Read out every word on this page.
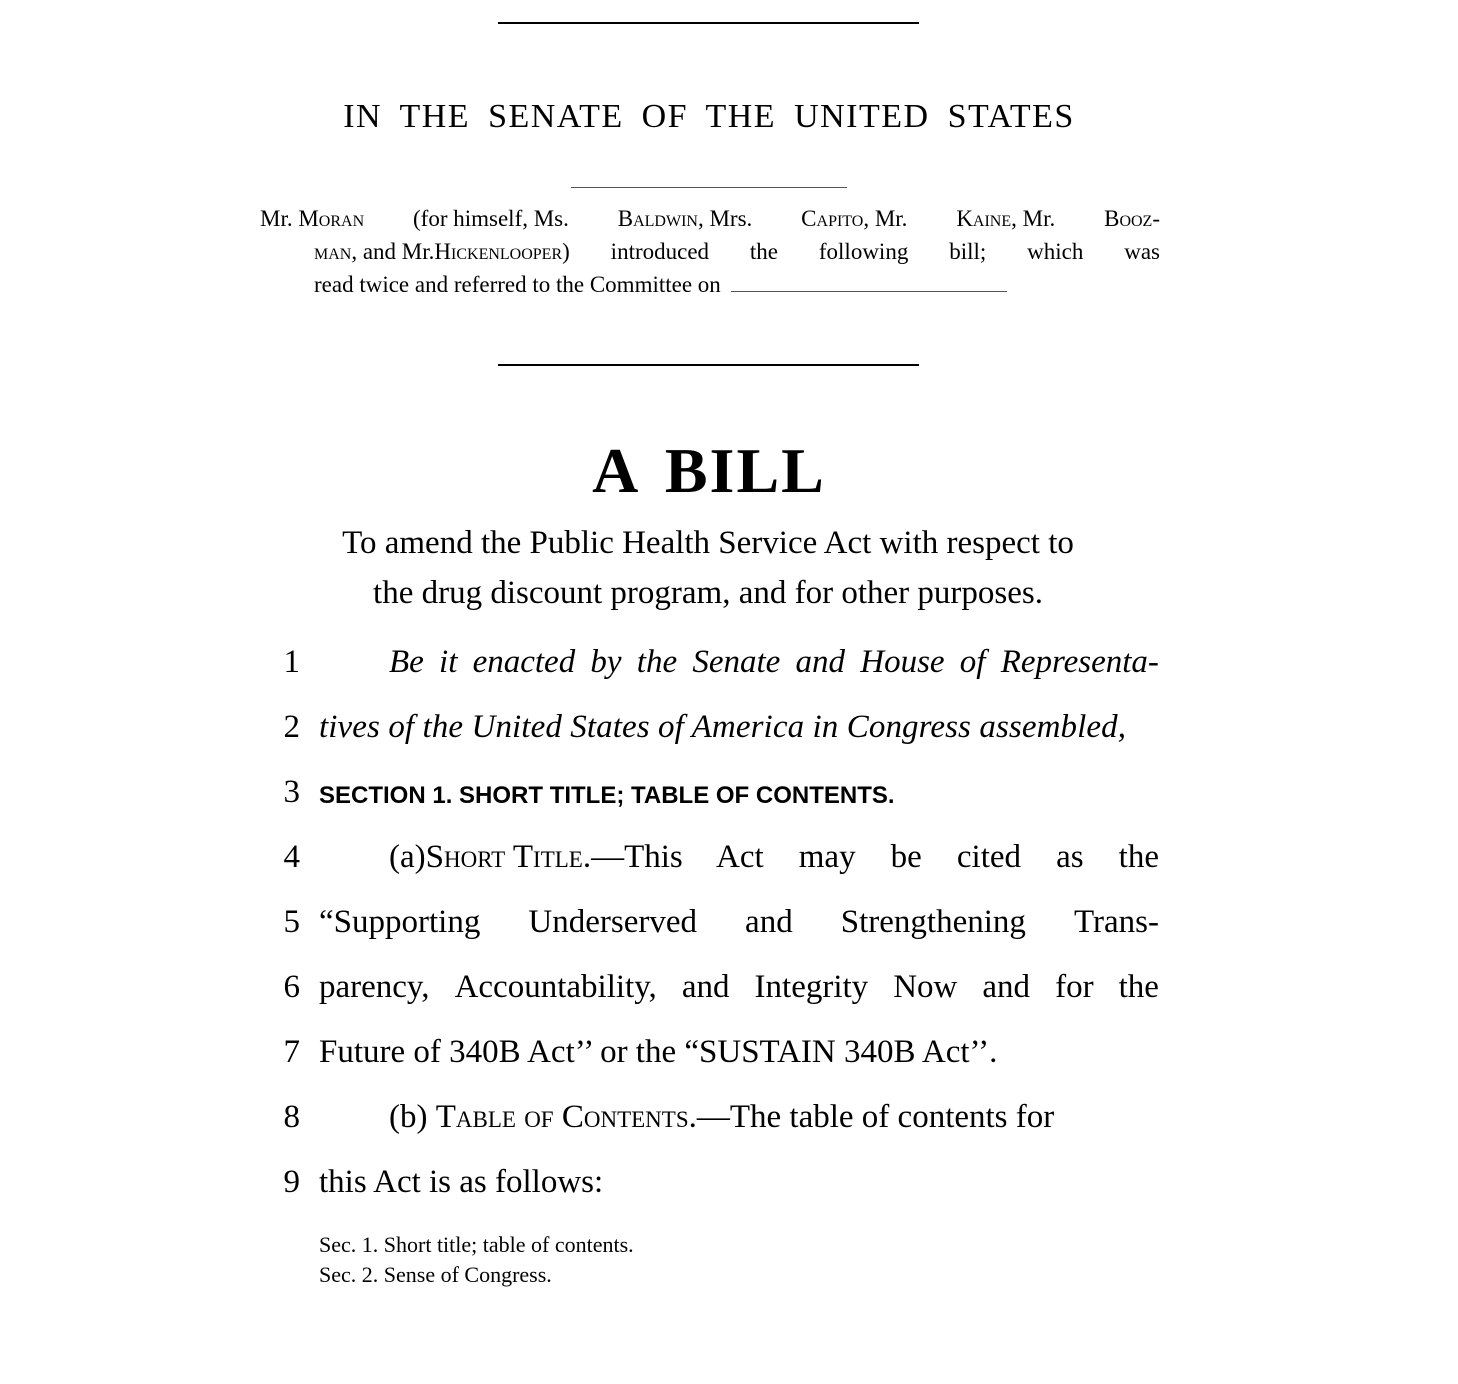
IN THE SENATE OF THE UNITED STATES
Mr. Moran (for himself, Ms. Baldwin, Mrs. Capito, Mr. Kaine, Mr. Booz-
man, and Mr. Hickenlooper ) introduced the following bill; which was
read twice and referred to the Committee on
A BILL
To amend the Public Health Service Act with respect to
the drug discount program, and for other purposes.
1	Be it enacted by the Senate and House of Representa-
2 tives of the United States of America in Congress assembled,
3 SECTION 1. SHORT TITLE; TABLE OF CONTENTS.
4	(a) Short Title .—This Act may be cited as the
5 “Supporting Underserved and Strengthening Trans-
6 parency, Accountability, and Integrity Now and for the
7 Future of 340B Act’’ or the “SUSTAIN 340B Act’’.
8	(b)
Table of Contents .—The table of contents for
9 this Act is as follows:
Sec. 1. Short title; table of contents.
Sec. 2. Sense of Congress.
